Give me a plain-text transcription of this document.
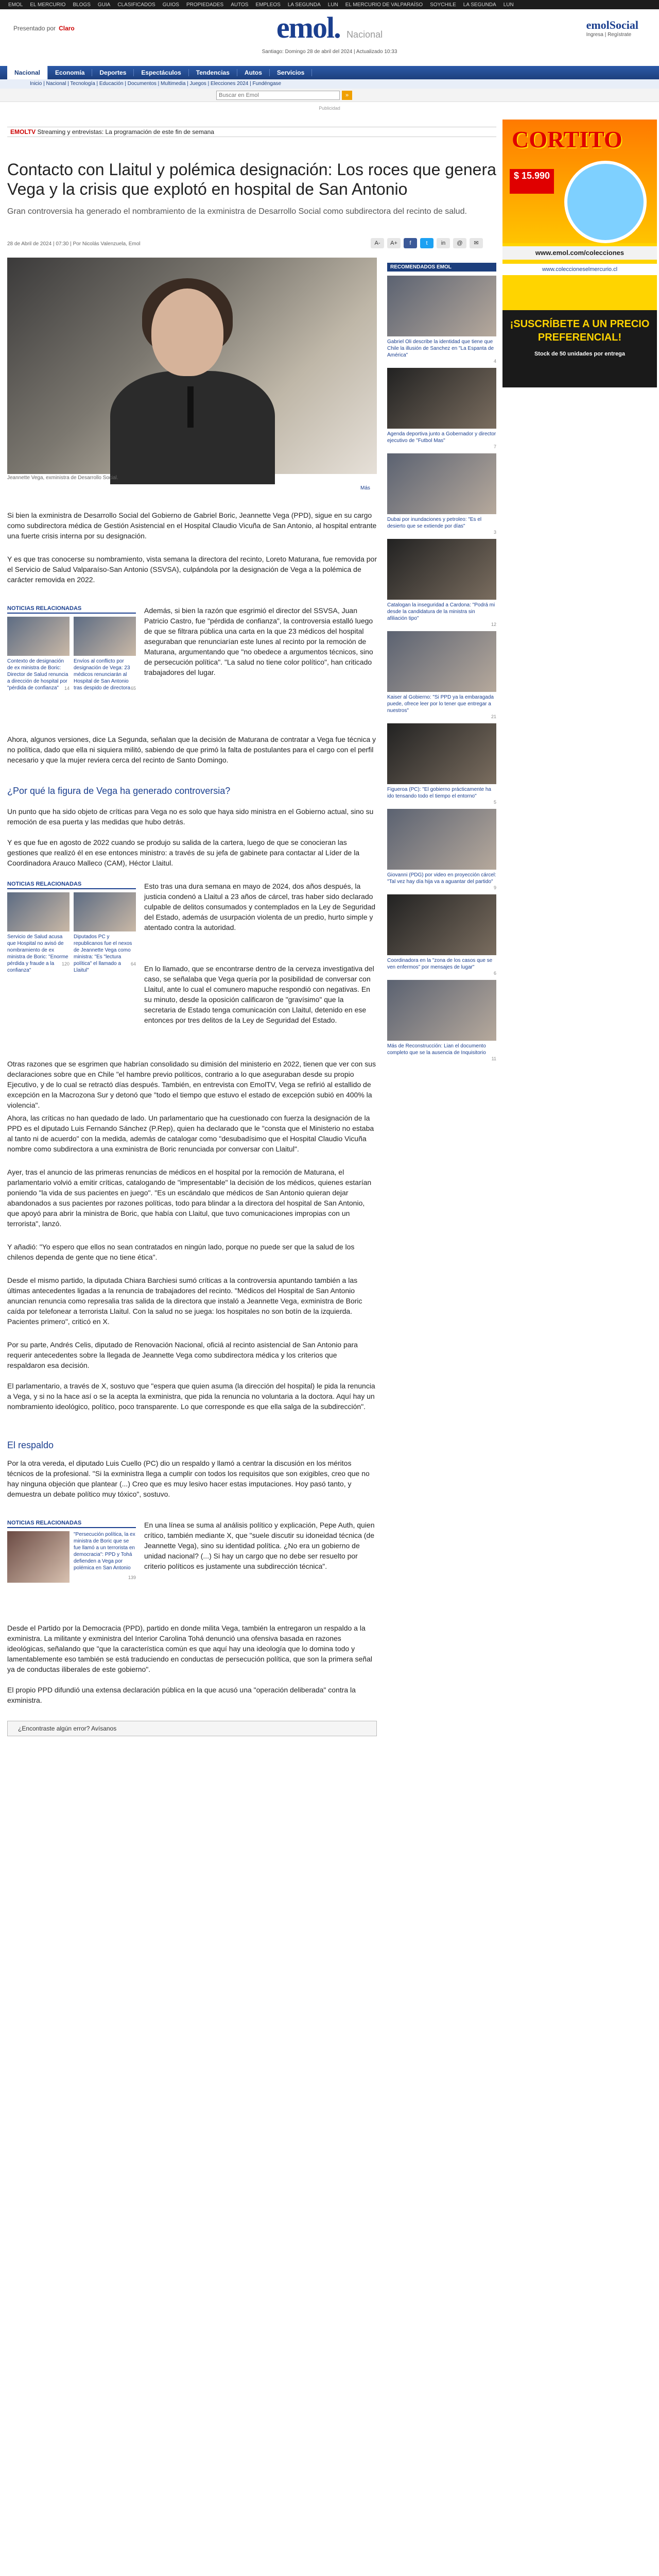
EMOL EL MERCURIO BLOGS GUIA CLASIFICADOS GUIOS PROPIEDADES AUTOS EMPLEOS LA SEGUNDA LUN EL MERCURIO DE VALPARAÍSO SOYCHILE LA SEGUNDA LUN
Presentado por Claro	emol. Nacional
Santiago: Domingo 28 de abril del 2024 | Actualizado 10:33
emolSocial
Ingresa | Regístrate
Nacional	Economía	Deportes	Espectáculos	Tendencias	Autos	Servicios
Inicio | Nacional | Tecnología | Educación | Documentos | Multimedia | Juegos | Elecciones 2024 | Fundéngase
Buscar en Emol
»
Publicidad
EMOLTV Streaming y entrevistas: La programación de este fin de semana
Contacto con Llaitul y polémica designación: Los roces que genera Vega y la crisis que explotó en hospital de San Antonio

Gran controversia ha generado el nombramiento de la exministra de Desarrollo Social como subdirectora del recinto de salud.

28 de Abril de 2024 | 07:30 | Por Nicolás Valenzuela, Emol	A-	A+	f	t	in	@	✉
Jeannette Vega, exministra de Desarrollo Social.
Más

Si bien la exministra de Desarrollo Social del Gobierno de Gabriel Boric, Jeannette Vega (PPD), sigue en su cargo como subdirectora médica de Gestión Asistencial en el Hospital Claudio Vicuña de San Antonio, al hospital entrante una fuerte crisis interna por su designación.

Y es que tras conocerse su nombramiento, vista semana la directora del recinto, Loreto Maturana, fue removida por el Servicio de Salud Valparaíso-San Antonio (SSVSA), culpándola por la designación de Vega a la polémica de carácter removida en 2022.

NOTICIAS RELACIONADAS
Contexto de designación de ex ministra de Boric: Director de Salud renuncia a dirección de hospital por "pérdida de confianza"	14
Envíos al conflicto por designación de Vega: 23 médicos renunciarán al Hospital de San Antonio tras despido de directora 65

Además, si bien la razón que esgrimió el director del SSVSA, Juan Patricio Castro, fue "pérdida de confianza", la controversia estalló luego de que se filtrara pública una carta en la que 23 médicos del hospital aseguraban que renunciarían este lunes al recinto por la remoción de Maturana, argumentando que "no obedece a argumentos técnicos, sino de persecución política". "La salud no tiene color político", han criticado trabajadores del lugar.

Ahora, algunos versiones, dice La Segunda, señalan que la decisión de Maturana de contratar a Vega fue técnica y no política, dado que ella ni siquiera militó, sabiendo de que primó la falta de postulantes para el cargo con el perfil necesario y que la mujer reviera cerca del recinto de Santo Domingo.

¿Por qué la figura de Vega ha generado controversia?

Un punto que ha sido objeto de críticas para Vega no es solo que haya sido ministra en el Gobierno actual, sino su remoción de esa puerta y las medidas que hubo detrás.

Y es que fue en agosto de 2022 cuando se produjo su salida de la cartera, luego de que se conocieran las gestiones que realizó él en ese entonces ministro: a través de su jefa de gabinete para contactar al Líder de la Coordinadora Arauco Malleco (CAM), Héctor Llaitul.

NOTICIAS RELACIONADAS
Servicio de Salud acusa que Hospital no avisó de nombramiento de ex ministra de Boric: "Enorme pérdida y fraude a la confianza"
120
Diputados PC y republicanos fue el nexos de Jeannette Vega como ministra: "Es "lectura política" el llamado a Llaitul"
64

Esto tras una dura semana en mayo de 2024, dos años después, la justicia condenó a Llaitul a 23 años de cárcel, tras haber sido declarado culpable de delitos consumados y contemplados en la Ley de Seguridad del Estado, además de usurpación violenta de un predio, hurto simple y atentado contra la autoridad.

En lo llamado, que se encontrarse dentro de la cerveza investigativa del caso, se señalaba que Vega quería por la posibilidad de conversar con Llaitul, ante lo cual el comunero mapuche respondió con negativas. En su minuto, desde la oposición calificaron de "gravísimo" que la secretaria de Estado tenga comunicación con Llaitul, detenido en ese entonces por tres delitos de la Ley de Seguridad del Estado.

Otras razones que se esgrimen que habrían consolidado su dimisión del ministerio en 2022, tienen que ver con sus declaraciones sobre que en Chile "el hambre previo políticos, contrario a lo que aseguraban desde su propio Ejecutivo, y de lo cual se retractó días después. También, en entrevista con EmolTV, Vega se refirió al estallido de excepción en la Macrozona Sur y detonó que "todo el tiempo que estuvo el estado de excepción subió en 400% la violencia".

Ahora, las críticas no han quedado de lado. Un parlamentario que ha cuestionado con fuerza la designación de la PPD es el diputado Luis Fernando Sánchez (P.Rep), quien ha declarado que le "consta que el Ministerio no estaba al tanto ni de acuerdo" con la medida, además de catalogar como "desubadísimo que el Hospital Claudio Vicuña nombre como subdirectora a una exministra de Boric renunciada por conversar con Llaitul".

Ayer, tras el anuncio de las primeras renuncias de médicos en el hospital por la remoción de Maturana, el parlamentario volvió a emitir críticas, catalogando de "impresentable" la decisión de los médicos, quienes estarían poniendo "la vida de sus pacientes en juego". "Es un escándalo que médicos de San Antonio quieran dejar abandonados a sus pacientes por razones políticas, todo para blindar a la directora del hospital de San Antonio, que apoyó para abrir la ministra de Boric, que había con Llaitul, que tuvo comunicaciones impropias con un terrorista", lanzó.

Y añadió: "Yo espero que ellos no sean contratados en ningún lado, porque no puede ser que la salud de los chilenos dependa de gente que no tiene ética".

Desde el mismo partido, la diputada Chiara Barchiesi sumó críticas a la controversia apuntando también a las últimas antecedentes ligadas a la renuncia de trabajadores del recinto. "Médicos del Hospital de San Antonio anuncian renuncia como represalia tras salida de la directora que instaló a Jeannette Vega, exministra de Boric caída por telefonear a terrorista Llaitul. Con la salud no se juega: los hospitales no son botín de la izquierda. Pacientes primero", criticó en X.

Por su parte, Andrés Celis, diputado de Renovación Nacional, oficiá al recinto asistencial de San Antonio para requerir antecedentes sobre la llegada de Jeannette Vega como subdirectora médica y los criterios que respaldaron esa decisión.

El parlamentario, a través de X, sostuvo que "espera que quien asuma (la dirección del hospital) le pida la renuncia a Vega, y si no la hace así o se la acepta la exministra, que pida la renuncia no voluntaria a la doctora. Aquí hay un nombramiento ideológico, político, poco transparente. Lo que corresponde es que ella salga de la subdirección".

El respaldo

Por la otra vereda, el diputado Luis Cuello (PC) dio un respaldo y llamó a centrar la discusión en los méritos técnicos de la profesional. "Si la exministra llega a cumplir con todos los requisitos que son exigibles, creo que no hay ninguna objeción que plantear (...) Creo que es muy lesivo hacer estas imputaciones. Hoy pasó tanto, y demuestra un debate político muy tóxico", sostuvo.

NOTICIAS RELACIONADAS
"Persecución política, la ex ministra de Boric que se fue llamó a un terrorista en democracia": PPD y Tohá defienden a Vega por polémica en San Antonio
139

En una línea se suma al análisis político y explicación, Pepe Auth, quien crítico, también mediante X, que "suele discutir su idoneidad técnica (de Jeannette Vega), sino su identidad política. ¿No era un gobierno de unidad nacional? (...) Si hay un cargo que no debe ser resuelto por criterio políticos es justamente una subdirección técnica".

Desde el Partido por la Democracia (PPD), partido en donde milita Vega, también la entregaron un respaldo a la exministra. La militante y exministra del Interior Carolina Tohá denunció una ofensiva basada en razones ideológicas, señalando que "que la característica común es que aquí hay una ideología que lo domina todo y lamentablemente eso también se está traduciendo en conductas de persecución política, que son la primera señal ya de conductas iliberales de este gobierno".

El propio PPD difundió una extensa declaración pública en la que acusó una "operación deliberada" contra la exministra.

¿Encontraste algún error? Avísanos
RECOMENDADOS EMOL
Gabriel Oli describe la identidad que tiene que Chile la illusión de Sanchez en "La Espanta de América"
4
Agenda deportiva junto a Gobernador y director ejecutivo de "Futbol Mas"
7
Dubai por inundaciones y petroleo: "Es el desierto que se extiende por días"
3
Catalogan la inseguridad a Cardona: "Podrá mi desde la candidatura de la ministra sin afiliación tipo"
12
Kaiser al Gobierno: "Si PPD ya la embaragada puede, ofrece leer por lo tener que entregar a nuestros"
21
Figueroa (PC): "El gobierno prácticamente ha ido tensando todo el tiempo el entorno"
5
Giovanni (PDG) por video en proyección cárcel: "Tal vez hay día hija va a aguantar del partido"
9
Coordinadora en la "zona de los casos que se ven enfermos" por mensajes de lugar"
6
Más de Reconstrucción: Lian el documento completo que se la ausencia de Inquisitorio
11
CORTITO
$ 15.990
www.emol.com/colecciones
www.coleccioneselmercurio.cl
¡SUSCRÍBETE A UN PRECIO PREFERENCIAL!
Stock de 50 unidades por entrega
